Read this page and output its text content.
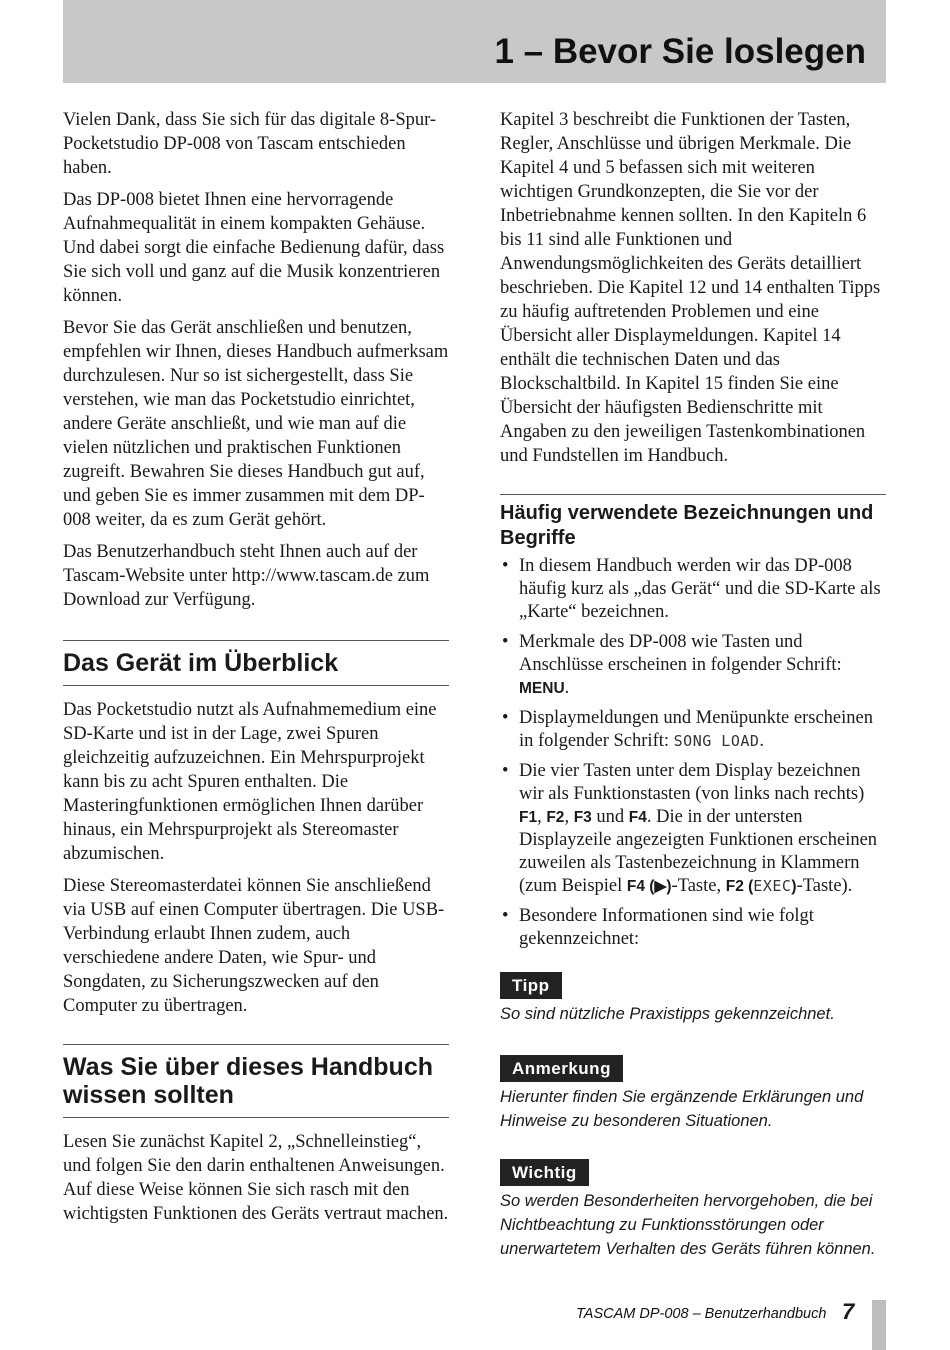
1 – Bevor Sie loslegen

Vielen Dank, dass Sie sich für das digitale 8-Spur-Pocketstudio DP-008 von Tascam entschieden haben.

Das DP-008 bietet Ihnen eine hervorragende Aufnahmequalität in einem kompakten Gehäuse. Und dabei sorgt die einfache Bedienung dafür, dass Sie sich voll und ganz auf die Musik konzentrieren können.

Bevor Sie das Gerät anschließen und benutzen, empfehlen wir Ihnen, dieses Handbuch aufmerksam durchzulesen. Nur so ist sichergestellt, dass Sie verstehen, wie man das Pocketstudio einrichtet, andere Geräte anschließt, und wie man auf die vielen nützlichen und praktischen Funktionen zugreift. Bewahren Sie dieses Handbuch gut auf, und geben Sie es immer zusammen mit dem DP-008 weiter, da es zum Gerät gehört.

Das Benutzerhandbuch steht Ihnen auch auf der Tascam-Website unter http://www.tascam.de zum Download zur Verfügung.

Das Gerät im Überblick

Das Pocketstudio nutzt als Aufnahmemedium eine SD-Karte und ist in der Lage, zwei Spuren gleichzeitig aufzuzeichnen. Ein Mehrspurprojekt kann bis zu acht Spuren enthalten. Die Masteringfunktionen ermöglichen Ihnen darüber hinaus, ein Mehrspurprojekt als Stereomaster abzumischen.

Diese Stereomasterdatei können Sie anschließend via USB auf einen Computer übertragen. Die USB-Verbindung erlaubt Ihnen zudem, auch verschiedene andere Daten, wie Spur- und Songdaten, zu Sicherungszwecken auf den Computer zu übertragen.

Was Sie über dieses Handbuch wissen sollten

Lesen Sie zunächst Kapitel 2, „Schnelleinstieg“, und folgen Sie den darin enthaltenen Anweisungen. Auf diese Weise können Sie sich rasch mit den wichtigsten Funktionen des Geräts vertraut machen.

Kapitel 3 beschreibt die Funktionen der Tasten, Regler, Anschlüsse und übrigen Merkmale. Die Kapitel 4 und 5 befassen sich mit weiteren wichtigen Grundkonzepten, die Sie vor der Inbetriebnahme kennen sollten. In den Kapiteln 6 bis 11 sind alle Funktionen und Anwendungsmöglichkeiten des Geräts detailliert beschrieben. Die Kapitel 12 und 14 enthalten Tipps zu häufig auftretenden Problemen und eine Übersicht aller Displaymeldungen. Kapitel 14 enthält die technischen Daten und das Blockschaltbild. In Kapitel 15 finden Sie eine Übersicht der häufigsten Bedienschritte mit Angaben zu den jeweiligen Tastenkombinationen und Fundstellen im Handbuch.

Häufig verwendete Bezeichnungen und Begriffe
• In diesem Handbuch werden wir das DP-008 häufig kurz als „das Gerät“ und die SD-Karte als „Karte“ bezeichnen.
• Merkmale des DP-008 wie Tasten und Anschlüsse erscheinen in folgender Schrift: MENU.
• Displaymeldungen und Menüpunkte erscheinen in folgender Schrift: SONG LOAD.
• Die vier Tasten unter dem Display bezeichnen wir als Funktionstasten (von links nach rechts) F1, F2, F3 und F4. Die in der untersten Displayzeile angezeigten Funktionen erscheinen zuweilen als Tastenbezeichnung in Klammern (zum Beispiel F4 (▶)-Taste, F2 (EXEC)-Taste).
• Besondere Informationen sind wie folgt gekennzeichnet:
Tipp

So sind nützliche Praxistipps gekennzeichnet.

Anmerkung

Hierunter finden Sie ergänzende Erklärungen und Hinweise zu besonderen Situationen.

Wichtig

So werden Besonderheiten hervorgehoben, die bei Nichtbeachtung zu Funktionsstörungen oder unerwartetem Verhalten des Geräts führen können.

TASCAM DP-008 – Benutzerhandbuch 7
